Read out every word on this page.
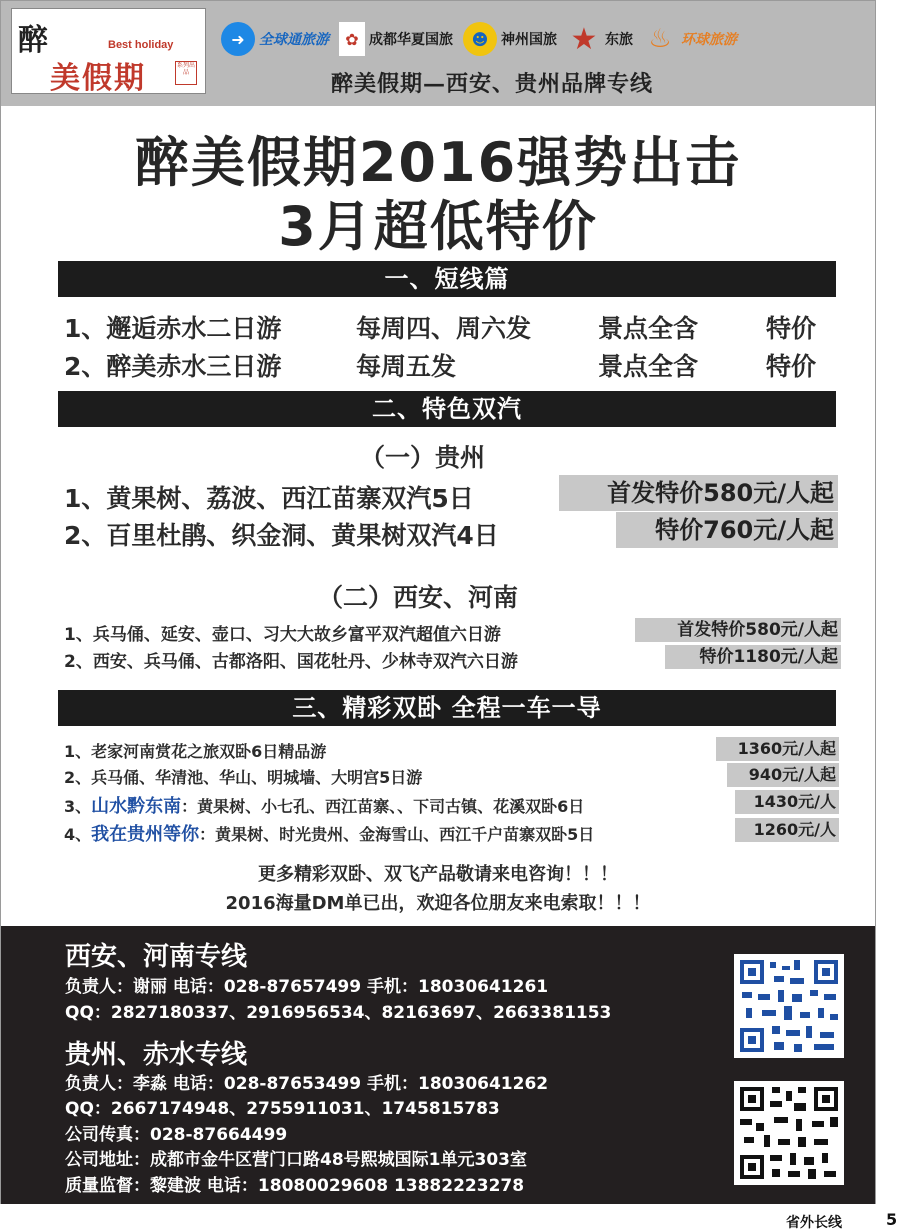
醉	Best holiday
美假期	系列出品
➜	全球通旅游	✿ 成都华夏国旅	☻ 神州国旅 ★ 东旅 ♨ 环球旅游
醉美假期—西安、贵州品牌专线
醉美假期2016强势出击
3月超低特价
一、短线篇
1、邂逅赤水二日游	每周四、周六发	景点全含	特价
2、醉美赤水三日游	每周五发	景点全含	特价
二、特色双汽
（一）贵州
1、黄果树、荔波、西江苗寨双汽5日	首发特价580元/人起
2、百里杜鹃、织金洞、黄果树双汽4日	特价760元/人起
（二）西安、河南
1、兵马俑、延安、壶口、习大大故乡富平双汽超值六日游	首发特价580元/人起
2、西安、兵马俑、古都洛阳、国花牡丹、少林寺双汽六日游	特价1180元/人起
三、精彩双卧 全程一车一导
1、老家河南赏花之旅双卧6日精品游	1360元/人起
2、兵马俑、华清池、华山、明城墙、大明宫5日游	940元/人起
3、山水黔东南：黄果树、小七孔、西江苗寨、、下司古镇、花溪双卧6日	1430元/人
4、我在贵州等你：黄果树、时光贵州、金海雪山、西江千户苗寨双卧5日	1260元/人
更多精彩双卧、双飞产品敬请来电咨询！！！
2016海量DM单已出，欢迎各位朋友来电索取！！！
西安、河南专线
负责人：谢丽 电话：028-87657499 手机：18030641261
QQ：2827180337、2916956534、82163697、2663381153
贵州、赤水专线
负责人：李淼 电话：028-87653499 手机：18030641262
QQ：2667174948、2755911031、1745815783
公司传真：028-87664499
公司地址：成都市金牛区营门口路48号熙城国际1单元303室
质量监督：黎建波 电话：18080029608 13882223278
省外长线	5
